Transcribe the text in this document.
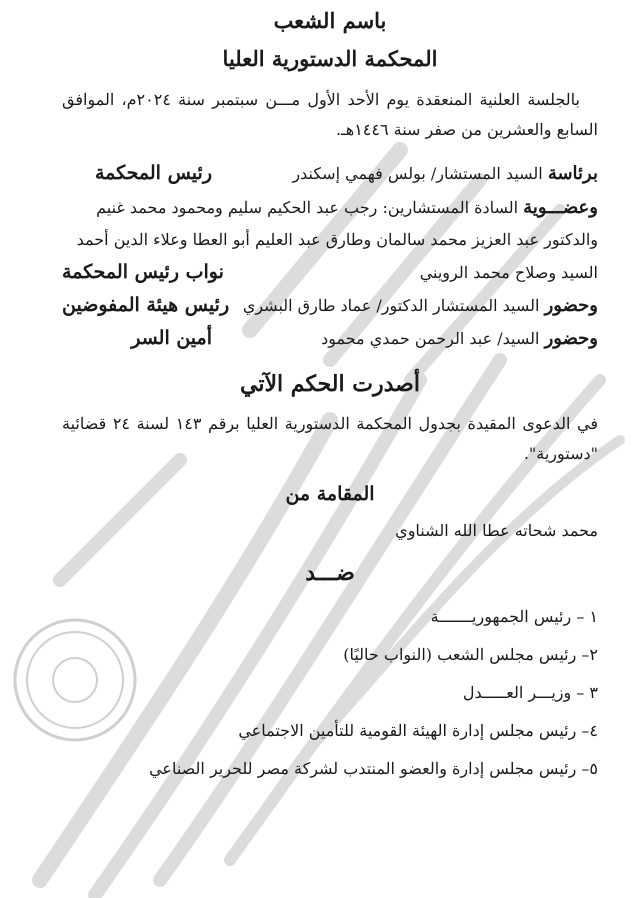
باسم الشعب
المحكمة الدستورية العليا

بالجلسة العلنية المنعقدة يوم الأحد الأول مـــن سبتمبر سنة ٢٠٢٤م، الموافق السابع والعشرين من صفر سنة ١٤٤٦هـ.

برئاسة

السيد المستشار/ بولس فهمي إسكندر
رئيس المحكمة
وعضـــوية

السادة المستشارين: رجب عبد الحكيم سليم ومحمود محمد غنيم
والدكتور عبد العزيز محمد سالمان وطارق عبد العليم أبو العطا وعلاء الدين أحمد
السيد وصلاح محمد الرويني
نواب رئيس المحكمة
وحضور

السيد المستشار الدكتور/ عماد طارق البشري
رئيس هيئة المفوضين
وحضور

السيد/ عبد الرحمن حمدي محمود
أمين السر
أصدرت الحكم الآتي

في الدعوى المقيدة بجدول المحكمة الدستورية العليا برقم ١٤٣ لسنة ٢٤ قضائية "دستورية".

المقامة من
محمد شحاته عطا الله الشناوي
ضـــد
١ – رئيس الجمهوريـــــــة
٢– رئيس مجلس الشعب (النواب حاليًا)
٣ – وزيـــر العـــــدل
٤– رئيس مجلس إدارة الهيئة القومية للتأمين الاجتماعي
٥– رئيس مجلس إدارة والعضو المنتدب لشركة مصر للحرير الصناعي
